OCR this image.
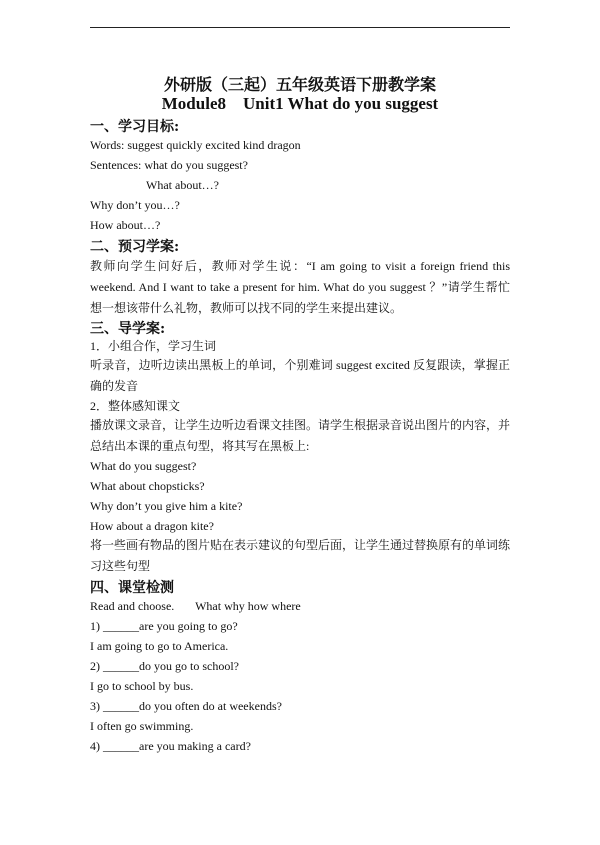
外研版（三起）五年级英语下册教学案
Module8    Unit1 What do you suggest
一、学习目标:
Words: suggest quickly excited kind dragon
Sentences: what do you suggest?
What about…?
Why don’t you…?
How about…?
二、预习学案:
教师向学生问好后，教师对学生说：“I am going to visit a foreign friend this weekend. And I want to take a present for him. What do you suggest ？”请学生帮忙想一想该带什么礼物，教师可以找不同的学生来提出建议。
三、导学案:
1．小组合作，学习生词
听录音，边听边读出黑板上的单词，个别难词 suggest excited 反复跟读，掌握正确的发音
2．整体感知课文
播放课文录音，让学生边听边看课文挂图。请学生根据录音说出图片的内容，并总结出本课的重点句型，将其写在黑板上:
What do you suggest?
What about chopsticks?
Why don’t you give him a kite?
How about a dragon kite?
将一些画有物品的图片贴在表示建议的句型后面，让学生通过替换原有的单词练习这些句型
四、课堂检测
Read and choose.       What why how where
1) ______are you going to go?
I am going to go to America.
2) ______do you go to school?
I go to school by bus.
3) ______do you often do at weekends?
I often go swimming.
4) ______are you making a card?
